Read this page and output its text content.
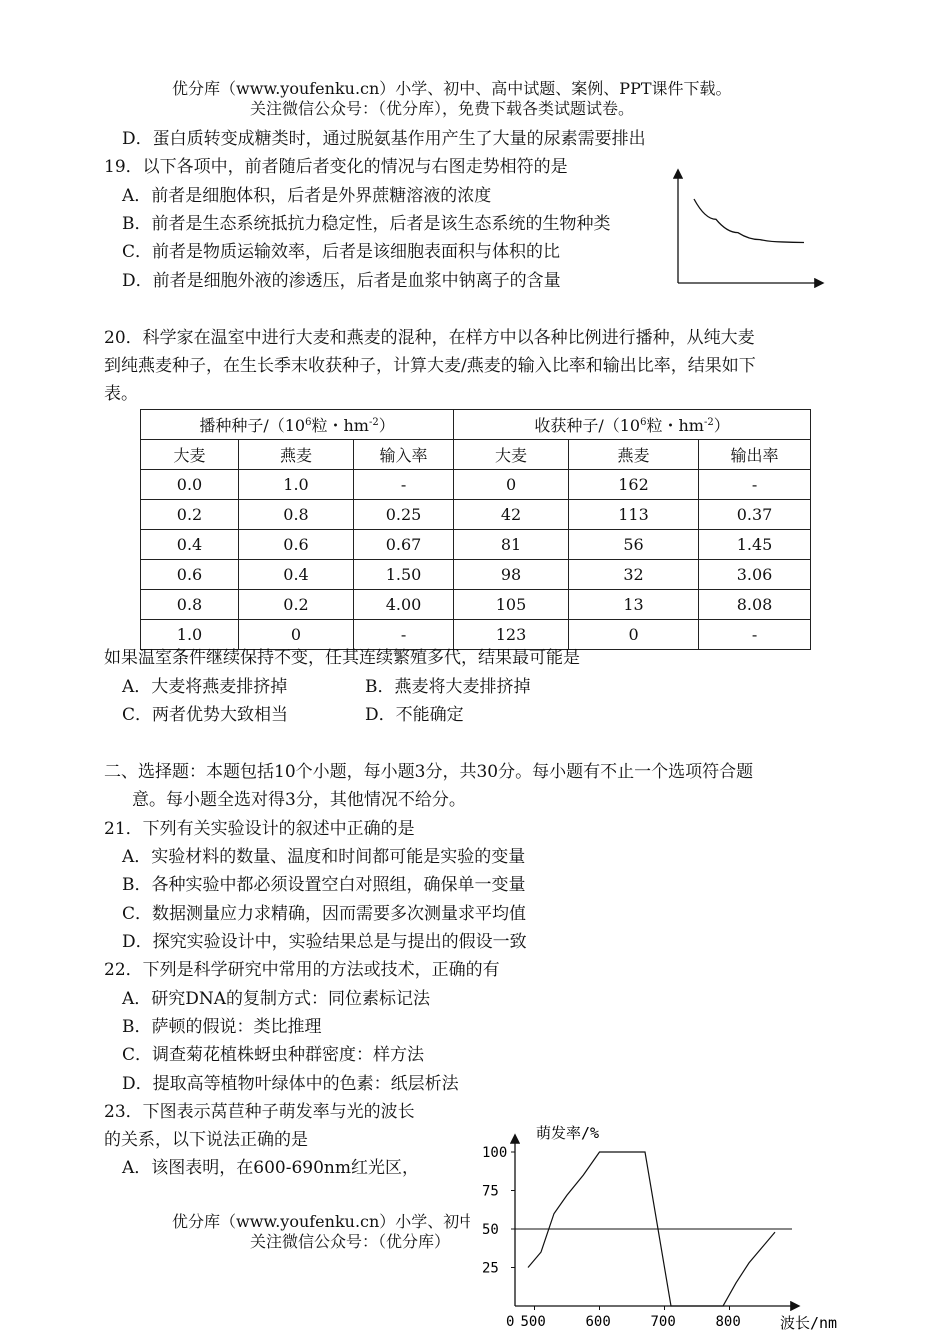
优分库（www.youfenku.cn）小学、初中、高中试题、案例、PPT课件下载。
关注微信公众号：（优分库），免费下载各类试题试卷。
D．蛋白质转变成糖类时，通过脱氨基作用产生了大量的尿素需要排出
19．以下各项中，前者随后者变化的情况与右图走势相符的是
A．前者是细胞体积，后者是外界蔗糖溶液的浓度
B．前者是生态系统抵抗力稳定性，后者是该生态系统的生物种类
C．前者是物质运输效率，后者是该细胞表面积与体积的比
D．前者是细胞外液的渗透压，后者是血浆中钠离子的含量
20．科学家在温室中进行大麦和燕麦的混种，在样方中以各种比例进行播种，从纯大麦
到纯燕麦种子，在生长季末收获种子，计算大麦/燕麦的输入比率和输出比率，结果如下
表。
播种种子$/(10^6$粒・$hm^{-2}$）			收获种子$/(10^6$粒・$hm^{-2}$）		
大麦	燕麦	输入率	大麦	燕麦	输出率
0.0	1.0	-	0	162	-
0.2	0.8	0.25	42	113	0.37
0.4	0.6	0.67	81	56	1.45
0.6	0.4	1.50	98	32	3.06
0.8	0.2	4.00	105	13	8.08
1.0	0	-	123	0	-
如果温室条件继续保持不变，任其连续繁殖多代，结果最可能是
A．大麦将燕麦排挤掉	B．燕麦将大麦排挤掉
C．两者优势大致相当	D．不能确定
二、选择题：本题包括10个小题，每小题3分，共30分。每小题有不止一个选项符合题
意。每小题全选对得3分，其他情况不给分。
21．下列有关实验设计的叙述中正确的是
A．实验材料的数量、温度和时间都可能是实验的变量
B．各种实验中都必须设置空白对照组，确保单一变量
C．数据测量应力求精确，因而需要多次测量求平均值
D．探究实验设计中，实验结果总是与提出的假设一致
22．下列是科学研究中常用的方法或技术，正确的有
A．研究DNA的复制方式：同位素标记法
B．萨顿的假说：类比推理
C．调查菊花植株蚜虫种群密度：样方法
D．提取高等植物叶绿体中的色素：纸层析法
23．下图表示莴苣种子萌发率与光的波长
的关系，以下说法正确的是
A．该图表明，在600-690nm红光区，
优分库（www.youfenku.cn）小学、初中
关注微信公众号：（优分库）
萌发率/%
波长/nm
0
25
50
75
100
500	600	700	800
